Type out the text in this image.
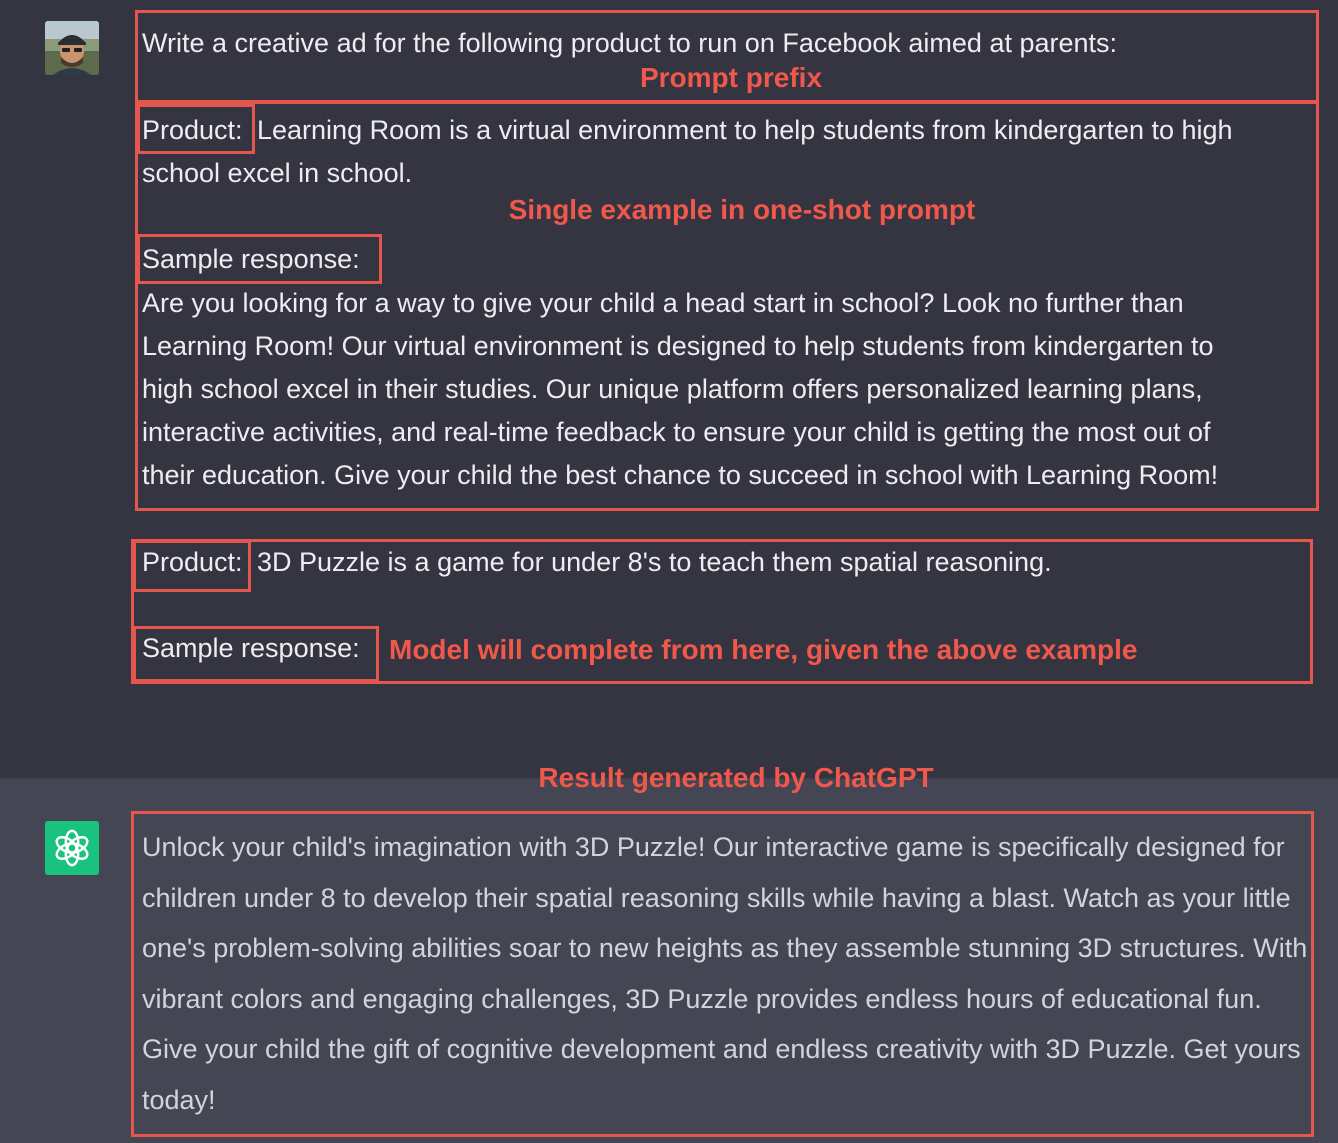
Write a creative ad for the following product to run on Facebook aimed at parents:

Prompt prefix

Product: Learning Room is a virtual environment to help students from kindergarten to high

school excel in school.

Single example in one-shot prompt

Sample response:

Are you looking for a way to give your child a head start in school? Look no further than

Learning Room! Our virtual environment is designed to help students from kindergarten to

high school excel in their studies. Our unique platform offers personalized learning plans,

interactive activities, and real-time feedback to ensure your child is getting the most out of

their education. Give your child the best chance to succeed in school with Learning Room!

Product: 3D Puzzle is a game for under 8's to teach them spatial reasoning.

Sample response: Model will complete from here, given the above example

Result generated by ChatGPT

Unlock your child's imagination with 3D Puzzle! Our interactive game is specifically designed for children under 8 to develop their spatial reasoning skills while having a blast. Watch as your little one's problem-solving abilities soar to new heights as they assemble stunning 3D structures. With vibrant colors and engaging challenges, 3D Puzzle provides endless hours of educational fun. Give your child the gift of cognitive development and endless creativity with 3D Puzzle. Get yours today!
